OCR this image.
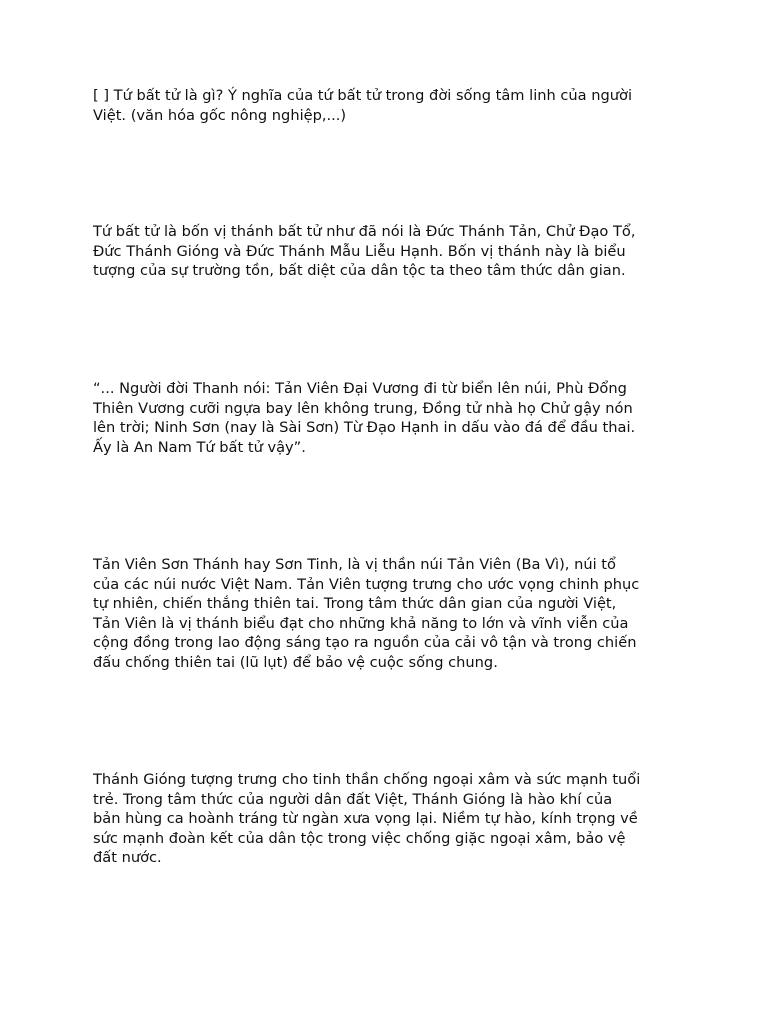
[ ] Tứ bất tử là gì? Ý nghĩa của tứ bất tử trong đời sống tâm linh của người
Việt. (văn hóa gốc nông nghiệp,...)

Tứ bất tử là bốn vị thánh bất tử như đã nói là Đức Thánh Tản, Chử Đạo Tổ,
Đức Thánh Gióng và Đức Thánh Mẫu Liễu Hạnh. Bốn vị thánh này là biểu
tượng của sự trường tồn, bất diệt của dân tộc ta theo tâm thức dân gian.

“... Người đời Thanh nói: Tản Viên Đại Vương đi từ biển lên núi, Phù Đổng
Thiên Vương cưỡi ngựa bay lên không trung, Đồng tử nhà họ Chử gậy nón
lên trời; Ninh Sơn (nay là Sài Sơn) Từ Đạo Hạnh in dấu vào đá để đầu thai.
Ấy là An Nam Tứ bất tử vậy”.

Tản Viên Sơn Thánh hay Sơn Tinh, là vị thần núi Tản Viên (Ba Vì), núi tổ
của các núi nước Việt Nam. Tản Viên tượng trưng cho ước vọng chinh phục
tự nhiên, chiến thắng thiên tai. Trong tâm thức dân gian của người Việt,
Tản Viên là vị thánh biểu đạt cho những khả năng to lớn và vĩnh viễn của
cộng đồng trong lao động sáng tạo ra nguồn của cải vô tận và trong chiến
đấu chống thiên tai (lũ lụt) để bảo vệ cuộc sống chung.

Thánh Gióng tượng trưng cho tinh thần chống ngoại xâm và sức mạnh tuổi
trẻ. Trong tâm thức của người dân đất Việt, Thánh Gióng là hào khí của
bản hùng ca hoành tráng từ ngàn xưa vọng lại. Niềm tự hào, kính trọng về
sức mạnh đoàn kết của dân tộc trong việc chống giặc ngoại xâm, bảo vệ
đất nước.
